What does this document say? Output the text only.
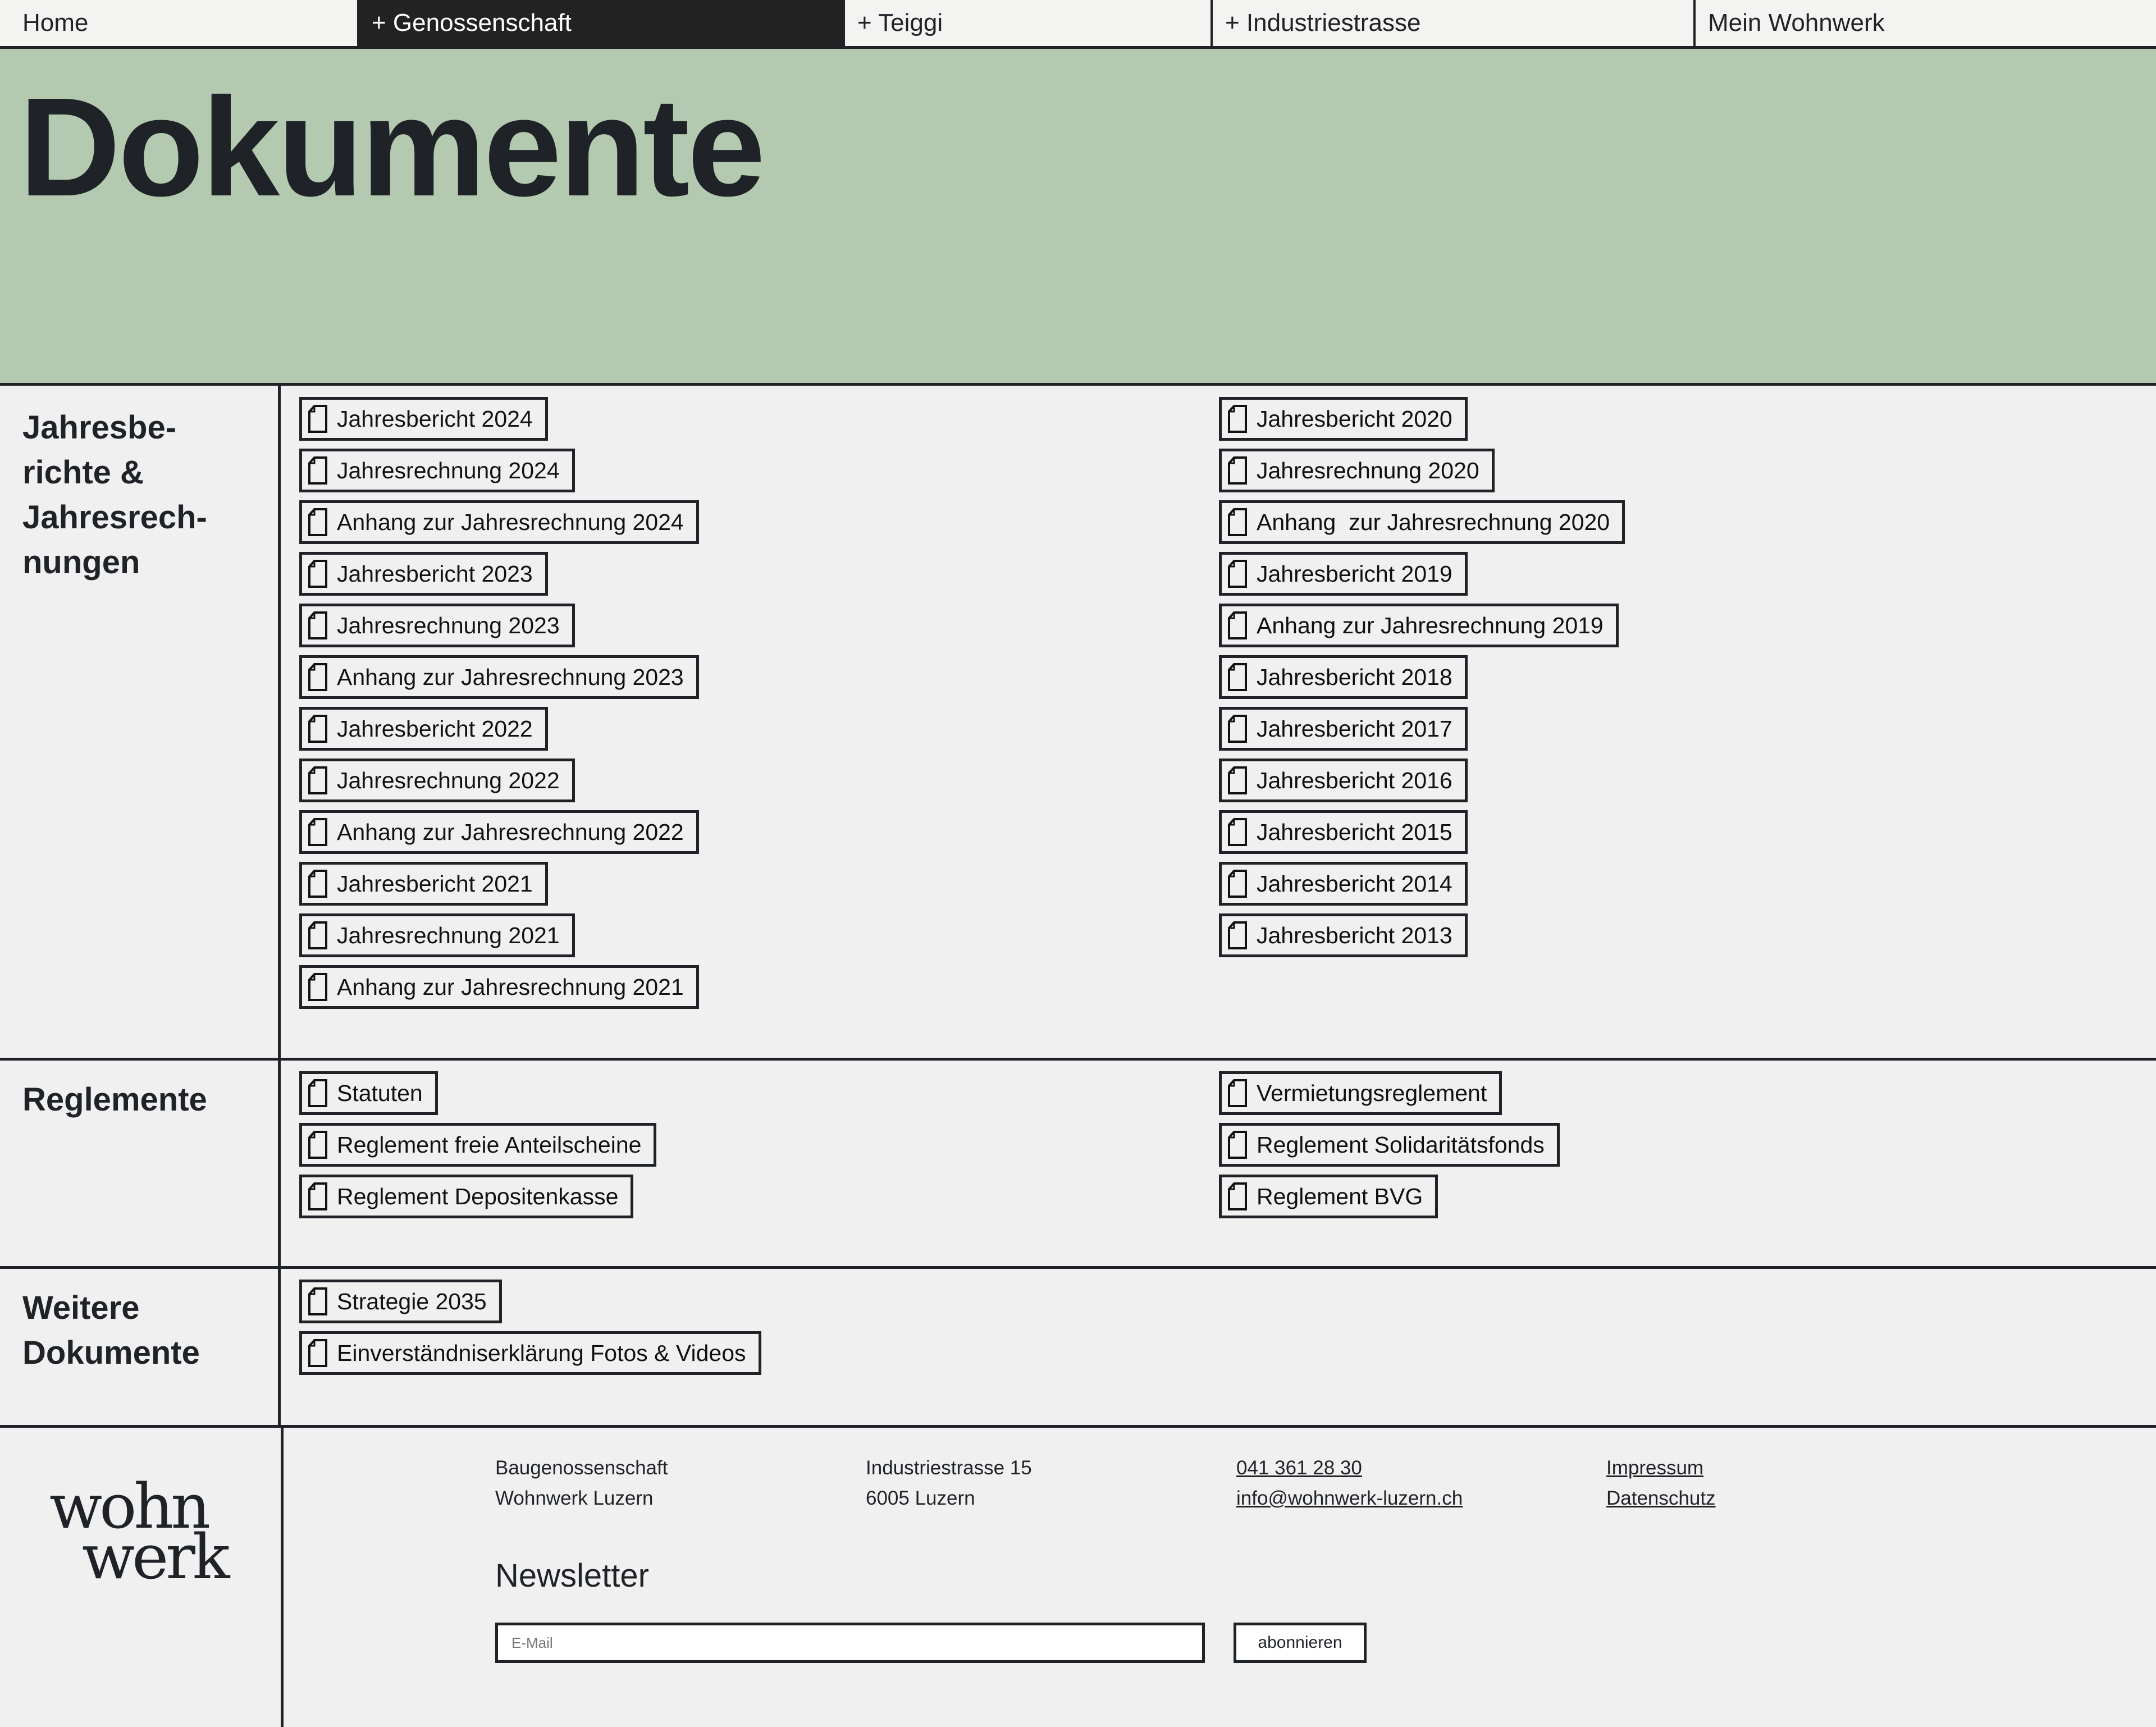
Home	+ Genossenschaft	+ Teiggi	+ Industriestrasse	Mein Wohnwerk
Dokumente
Jahresbe-
richte &
Jahresrech-
nungen
Jahresbericht 2024
Jahresrechnung 2024
Anhang zur Jahresrechnung 2024
Jahresbericht 2023
Jahresrechnung 2023
Anhang zur Jahresrechnung 2023
Jahresbericht 2022
Jahresrechnung 2022
Anhang zur Jahresrechnung 2022
Jahresbericht 2021
Jahresrechnung 2021
Anhang zur Jahresrechnung 2021
Jahresbericht 2020
Jahresrechnung 2020
Anhang  zur Jahresrechnung 2020
Jahresbericht 2019
Anhang zur Jahresrechnung 2019
Jahresbericht 2018
Jahresbericht 2017
Jahresbericht 2016
Jahresbericht 2015
Jahresbericht 2014
Jahresbericht 2013
Reglemente	Statuten
Reglement freie Anteilscheine
Reglement Depositenkasse
Vermietungsreglement
Reglement Solidaritätsfonds
Reglement BVG
Weitere
Dokumente
Strategie 2035
Einverständniserklärung Fotos & Videos
wohn
werk
Baugenossenschaft
Wohnwerk Luzern
Industriestrasse 15
6005 Luzern
041 361 28 30
info@wohnwerk-luzern.ch
Impressum
Datenschutz
Newsletter
E-Mail
abonnieren
